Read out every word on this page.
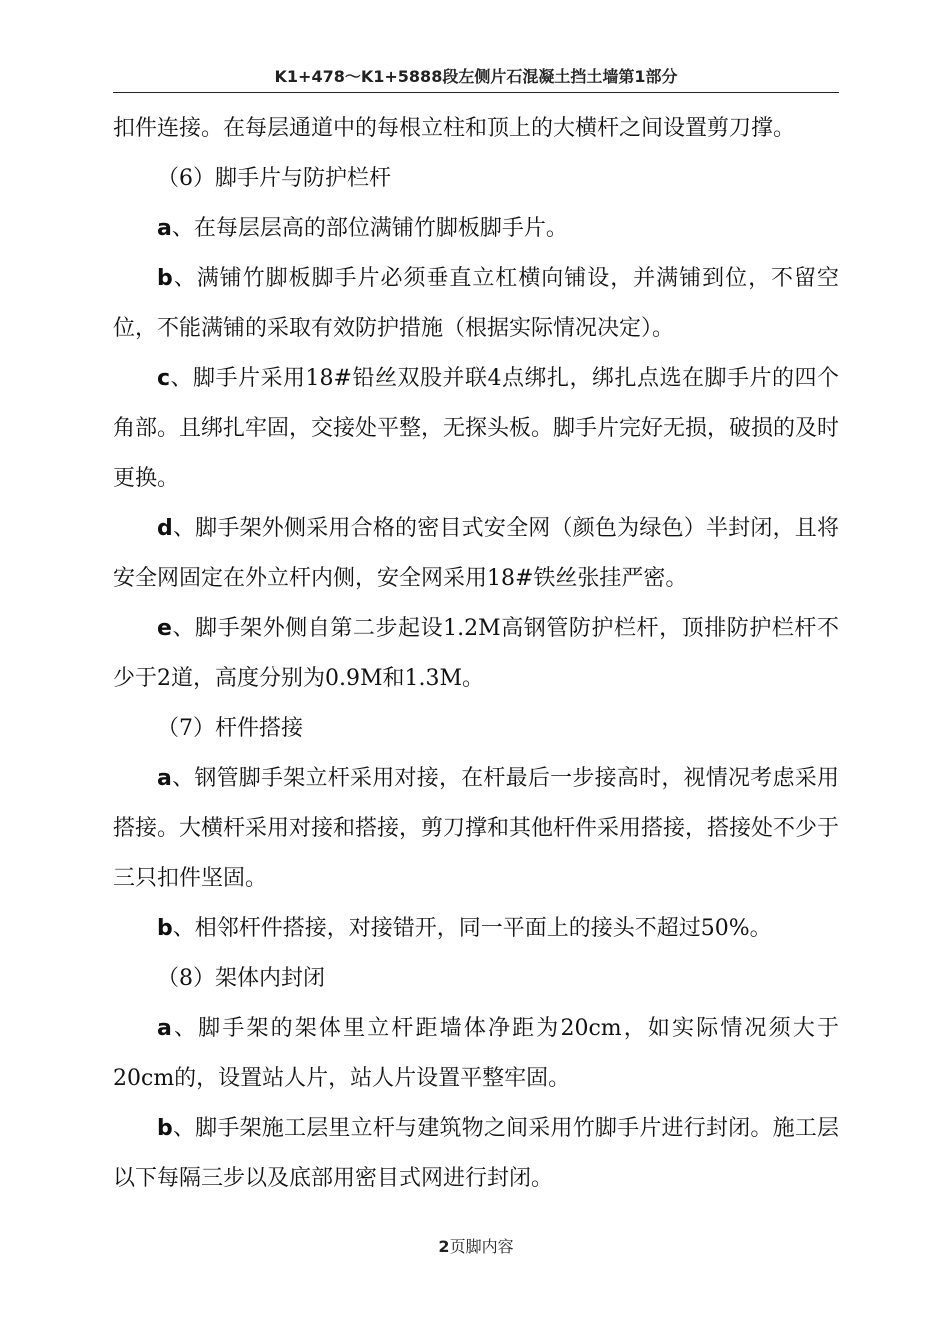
K1+478～K1+5888段左侧片石混凝土挡土墙第1部分

扣件连接。在每层通道中的每根立柱和顶上的大横杆之间设置剪刀撑。

（6）脚手片与防护栏杆

a、在每层层高的部位满铺竹脚板脚手片。

b、满铺竹脚板脚手片必须垂直立杠横向铺设，并满铺到位，不留空位，不能满铺的采取有效防护措施（根据实际情况决定）。

c、脚手片采用18#铅丝双股并联4点绑扎，绑扎点选在脚手片的四个角部。且绑扎牢固，交接处平整，无探头板。脚手片完好无损，破损的及时更换。

d、脚手架外侧采用合格的密目式安全网（颜色为绿色）半封闭，且将安全网固定在外立杆内侧，安全网采用18#铁丝张挂严密。

e、脚手架外侧自第二步起设1.2M高钢管防护栏杆，顶排防护栏杆不少于2道，高度分别为0.9M和1.3M。

（7）杆件搭接

a、钢管脚手架立杆采用对接，在杆最后一步接高时，视情况考虑采用搭接。大横杆采用对接和搭接，剪刀撑和其他杆件采用搭接，搭接处不少于三只扣件坚固。

b、相邻杆件搭接，对接错开，同一平面上的接头不超过50%。

（8）架体内封闭

a、脚手架的架体里立杆距墙体净距为20cm，如实际情况须大于20cm的，设置站人片，站人片设置平整牢固。

b、脚手架施工层里立杆与建筑物之间采用竹脚手片进行封闭。施工层以下每隔三步以及底部用密目式网进行封闭。

2页脚内容
